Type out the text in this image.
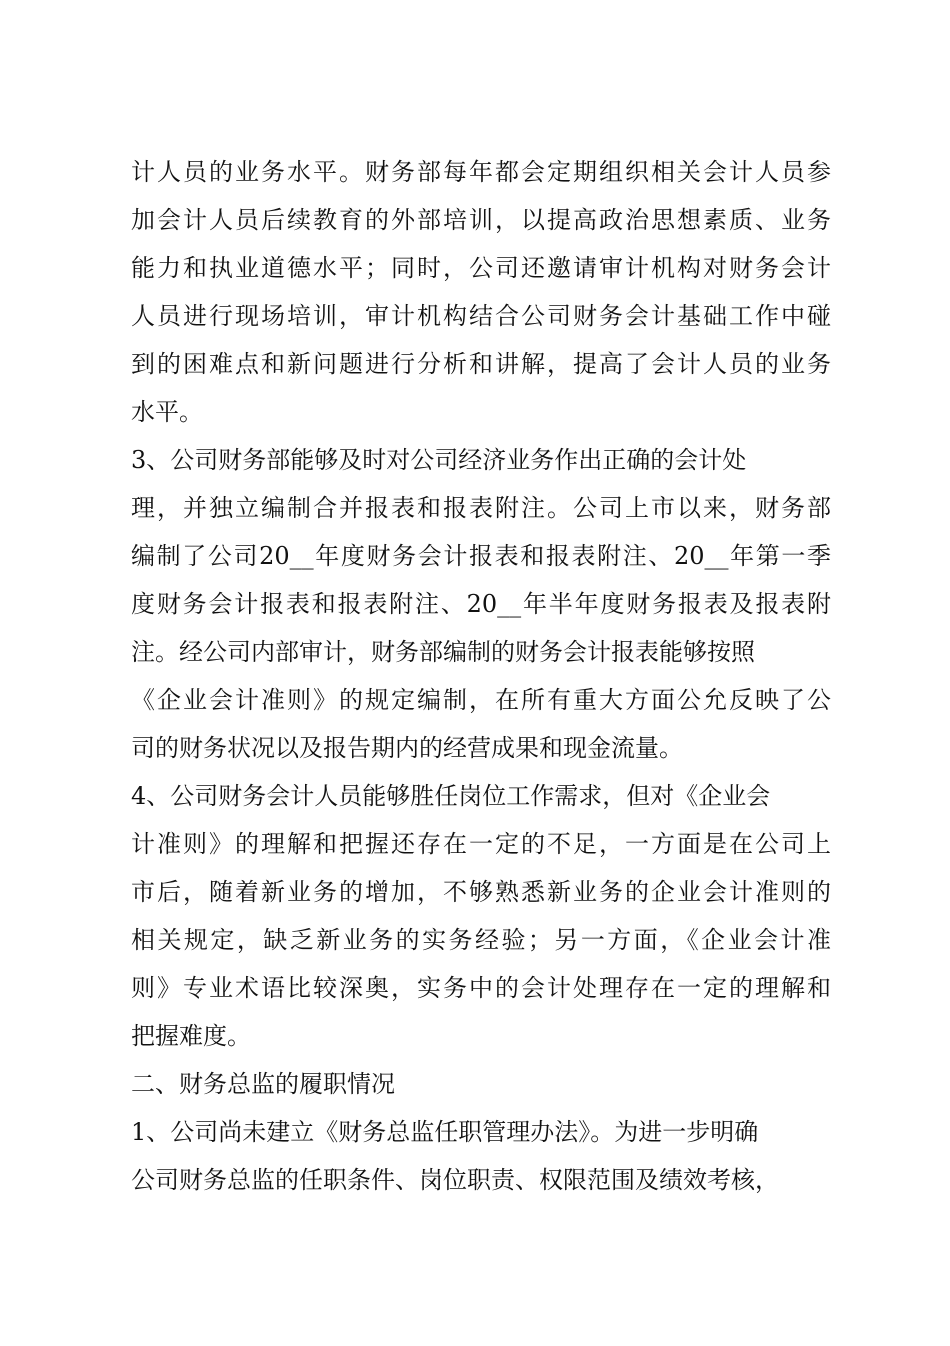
计人员的业务水平。财务部每年都会定期组织相关会计人员参
加会计人员后续教育的外部培训，以提高政治思想素质、业务
能力和执业道德水平；同时，公司还邀请审计机构对财务会计
人员进行现场培训，审计机构结合公司财务会计基础工作中碰
到的困难点和新问题进行分析和讲解，提高了会计人员的业务
水平。
3、公司财务部能够及时对公司经济业务作出正确的会计处
理，并独立编制合并报表和报表附注。公司上市以来，财务部
编制了公司20__年度财务会计报表和报表附注、20__年第一季
度财务会计报表和报表附注、20__年半年度财务报表及报表附
注。经公司内部审计，财务部编制的财务会计报表能够按照
《企业会计准则》的规定编制，在所有重大方面公允反映了公
司的财务状况以及报告期内的经营成果和现金流量。
4、公司财务会计人员能够胜任岗位工作需求，但对《企业会
计准则》的理解和把握还存在一定的不足，一方面是在公司上
市后，随着新业务的增加，不够熟悉新业务的企业会计准则的
相关规定，缺乏新业务的实务经验；另一方面，《企业会计准
则》专业术语比较深奥，实务中的会计处理存在一定的理解和
把握难度。
二、财务总监的履职情况
1、公司尚未建立《财务总监任职管理办法》。为进一步明确
公司财务总监的任职条件、岗位职责、权限范围及绩效考核，
